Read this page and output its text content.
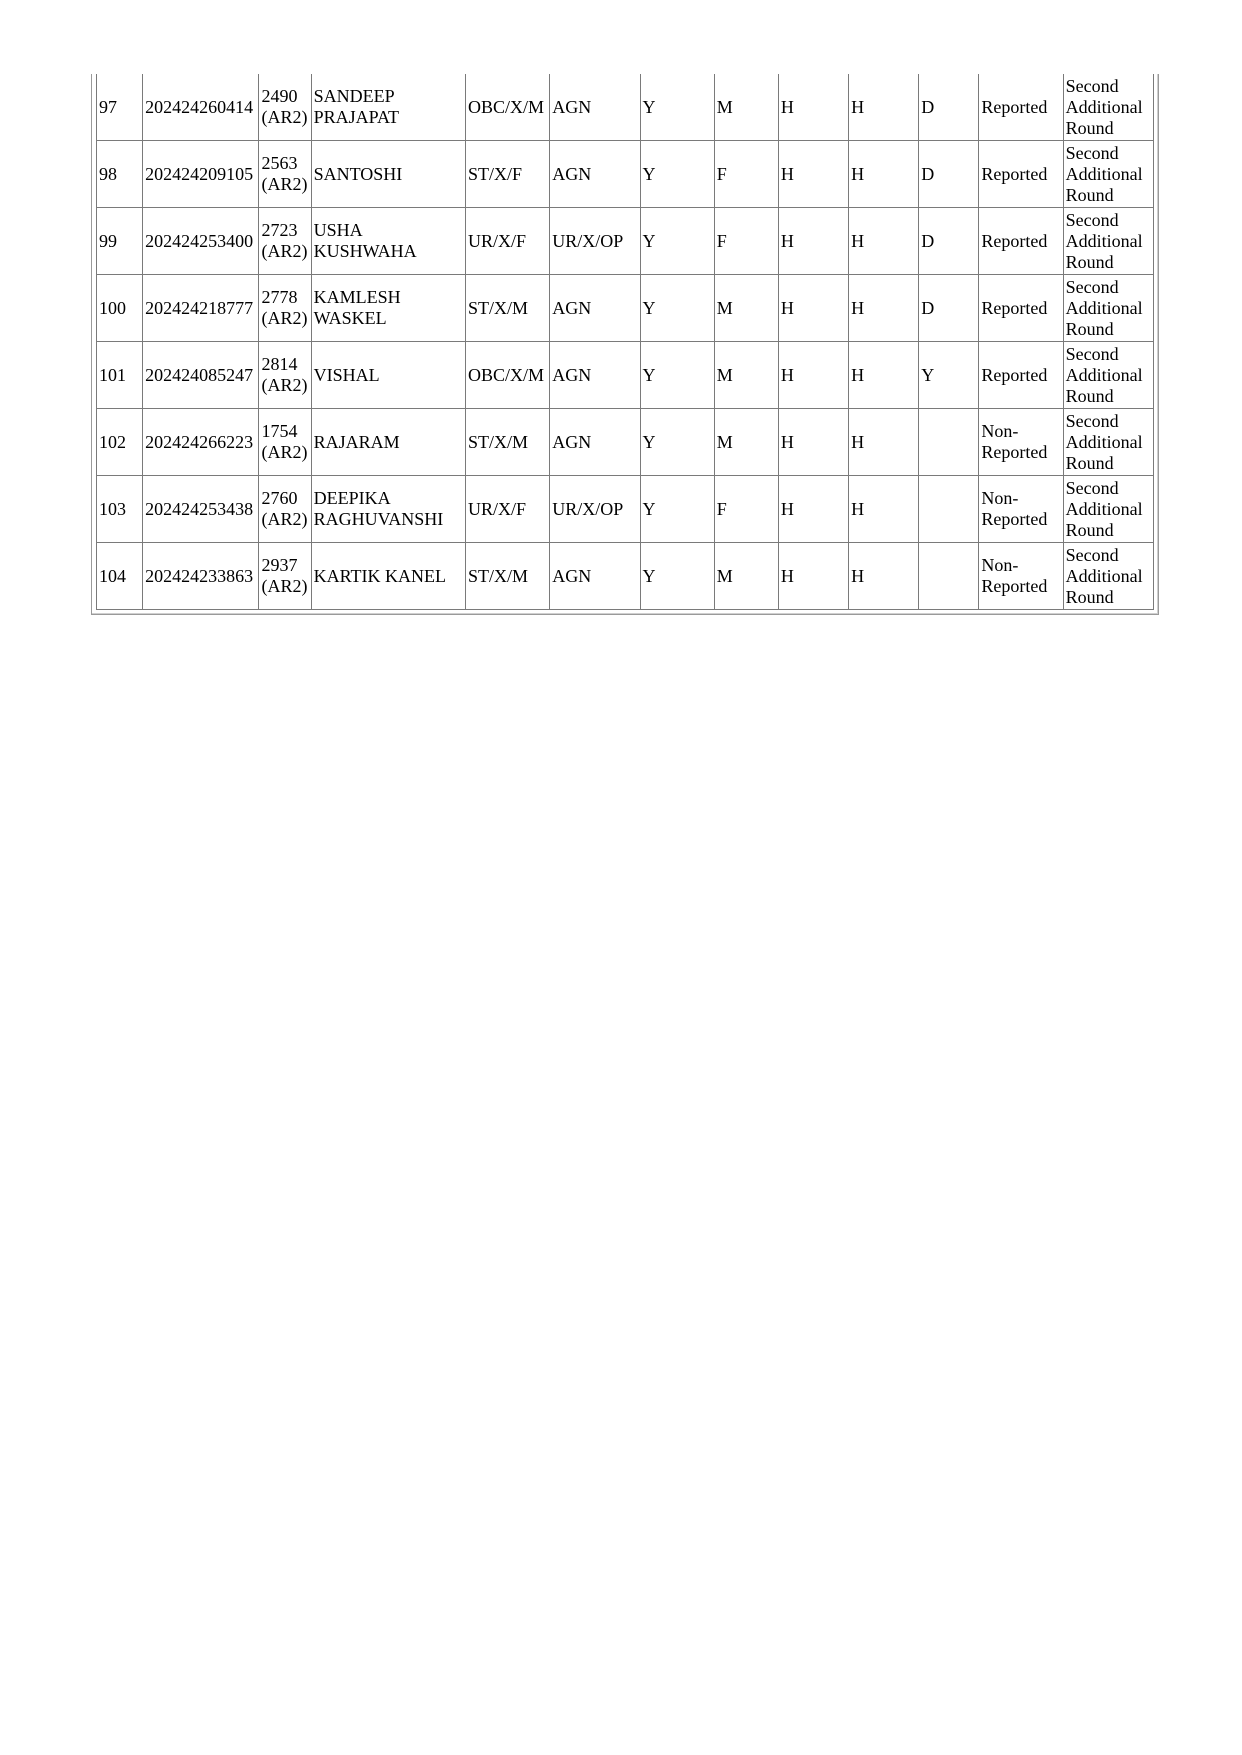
97	202424260414	2490
(AR2)	SANDEEP
PRAJAPAT	OBC/X/M	AGN	Y	M	H	H	D	Reported	Second
Additional
Round

98	202424209105	2563
(AR2)	SANTOSHI	ST/X/F	AGN	Y	F	H	H	D	Reported	Second
Additional
Round

99	202424253400	2723
(AR2)	USHA
KUSHWAHA	UR/X/F	UR/X/OP	Y	F	H	H	D	Reported	Second
Additional
Round

100	202424218777	2778
(AR2)	KAMLESH
WASKEL	ST/X/M	AGN	Y	M	H	H	D	Reported	Second
Additional
Round

101	202424085247	2814
(AR2)	VISHAL	OBC/X/M	AGN	Y	M	H	H	Y	Reported	Second
Additional
Round

102	202424266223	1754
(AR2)	RAJARAM	ST/X/M	AGN	Y	M	H	H		Non-
Reported	Second
Additional
Round

103	202424253438	2760
(AR2)	DEEPIKA
RAGHUVANSHI	UR/X/F	UR/X/OP	Y	F	H	H		Non-
Reported	Second
Additional
Round

104	202424233863	2937
(AR2)	KARTIK KANEL	ST/X/M	AGN	Y	M	H	H		Non-
Reported	Second
Additional
Round
